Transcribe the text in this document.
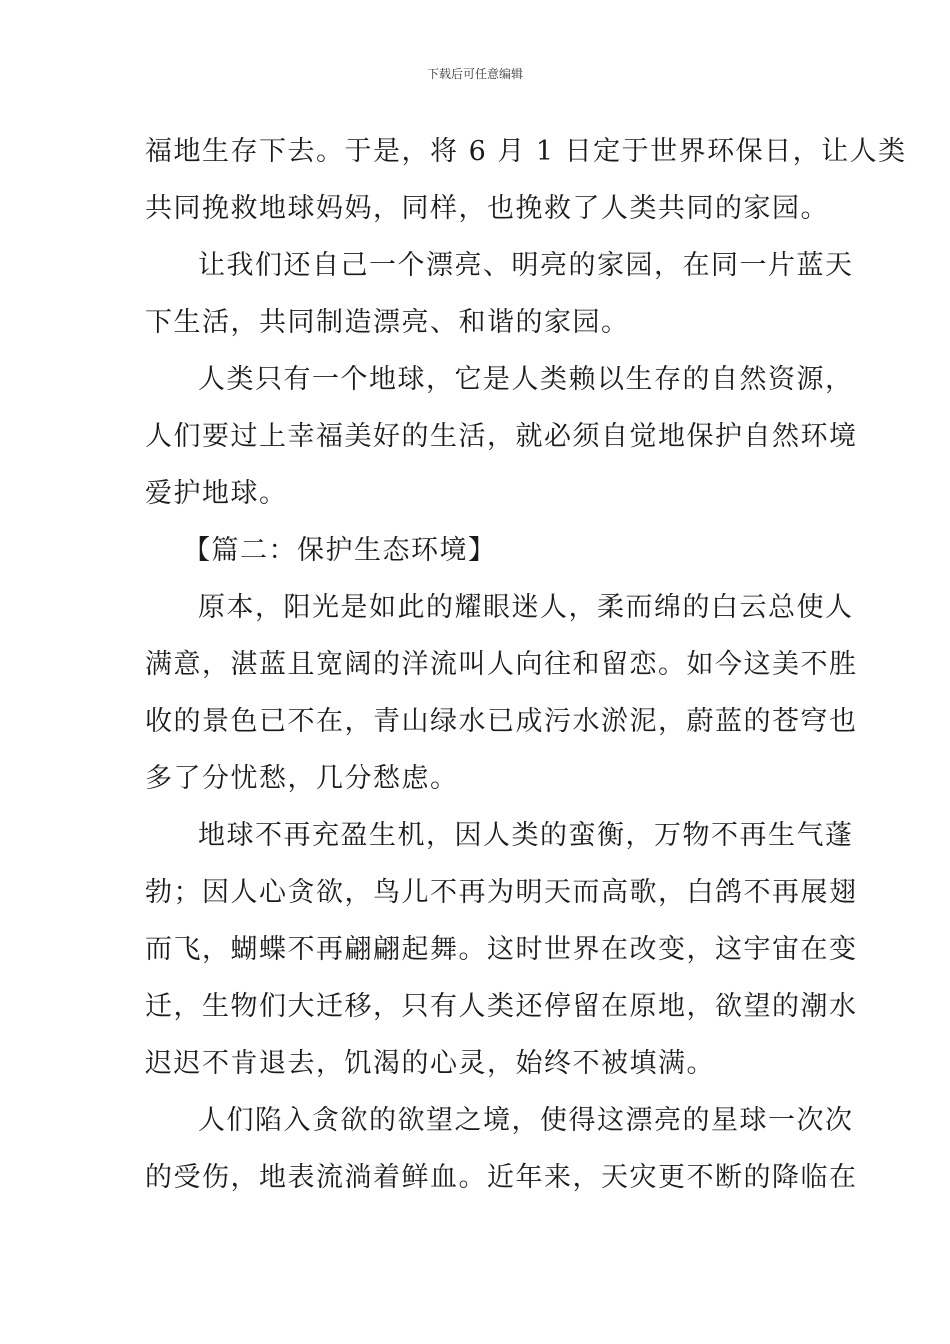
下载后可任意编辑
福地生存下去。于是，将 6 月 1 日定于世界环保日，让人类
共同挽救地球妈妈，同样，也挽救了人类共同的家园。
让我们还自己一个漂亮、明亮的家园，在同一片蓝天
下生活，共同制造漂亮、和谐的家园。
人类只有一个地球，它是人类赖以生存的自然资源，
人们要过上幸福美好的生活，就必须自觉地保护自然环境
爱护地球。
【篇二：保护生态环境】
原本，阳光是如此的耀眼迷人，柔而绵的白云总使人
满意，湛蓝且宽阔的洋流叫人向往和留恋。如今这美不胜
收的景色已不在，青山绿水已成污水淤泥，蔚蓝的苍穹也
多了分忧愁，几分愁虑。
地球不再充盈生机，因人类的蛮衡，万物不再生气蓬
勃；因人心贪欲，鸟儿不再为明天而高歌，白鸽不再展翅
而飞，蝴蝶不再翩翩起舞。这时世界在改变，这宇宙在变
迁，生物们大迁移，只有人类还停留在原地，欲望的潮水
迟迟不肯退去，饥渴的心灵，始终不被填满。
人们陷入贪欲的欲望之境，使得这漂亮的星球一次次
的受伤，地表流淌着鲜血。近年来，天灾更不断的降临在
